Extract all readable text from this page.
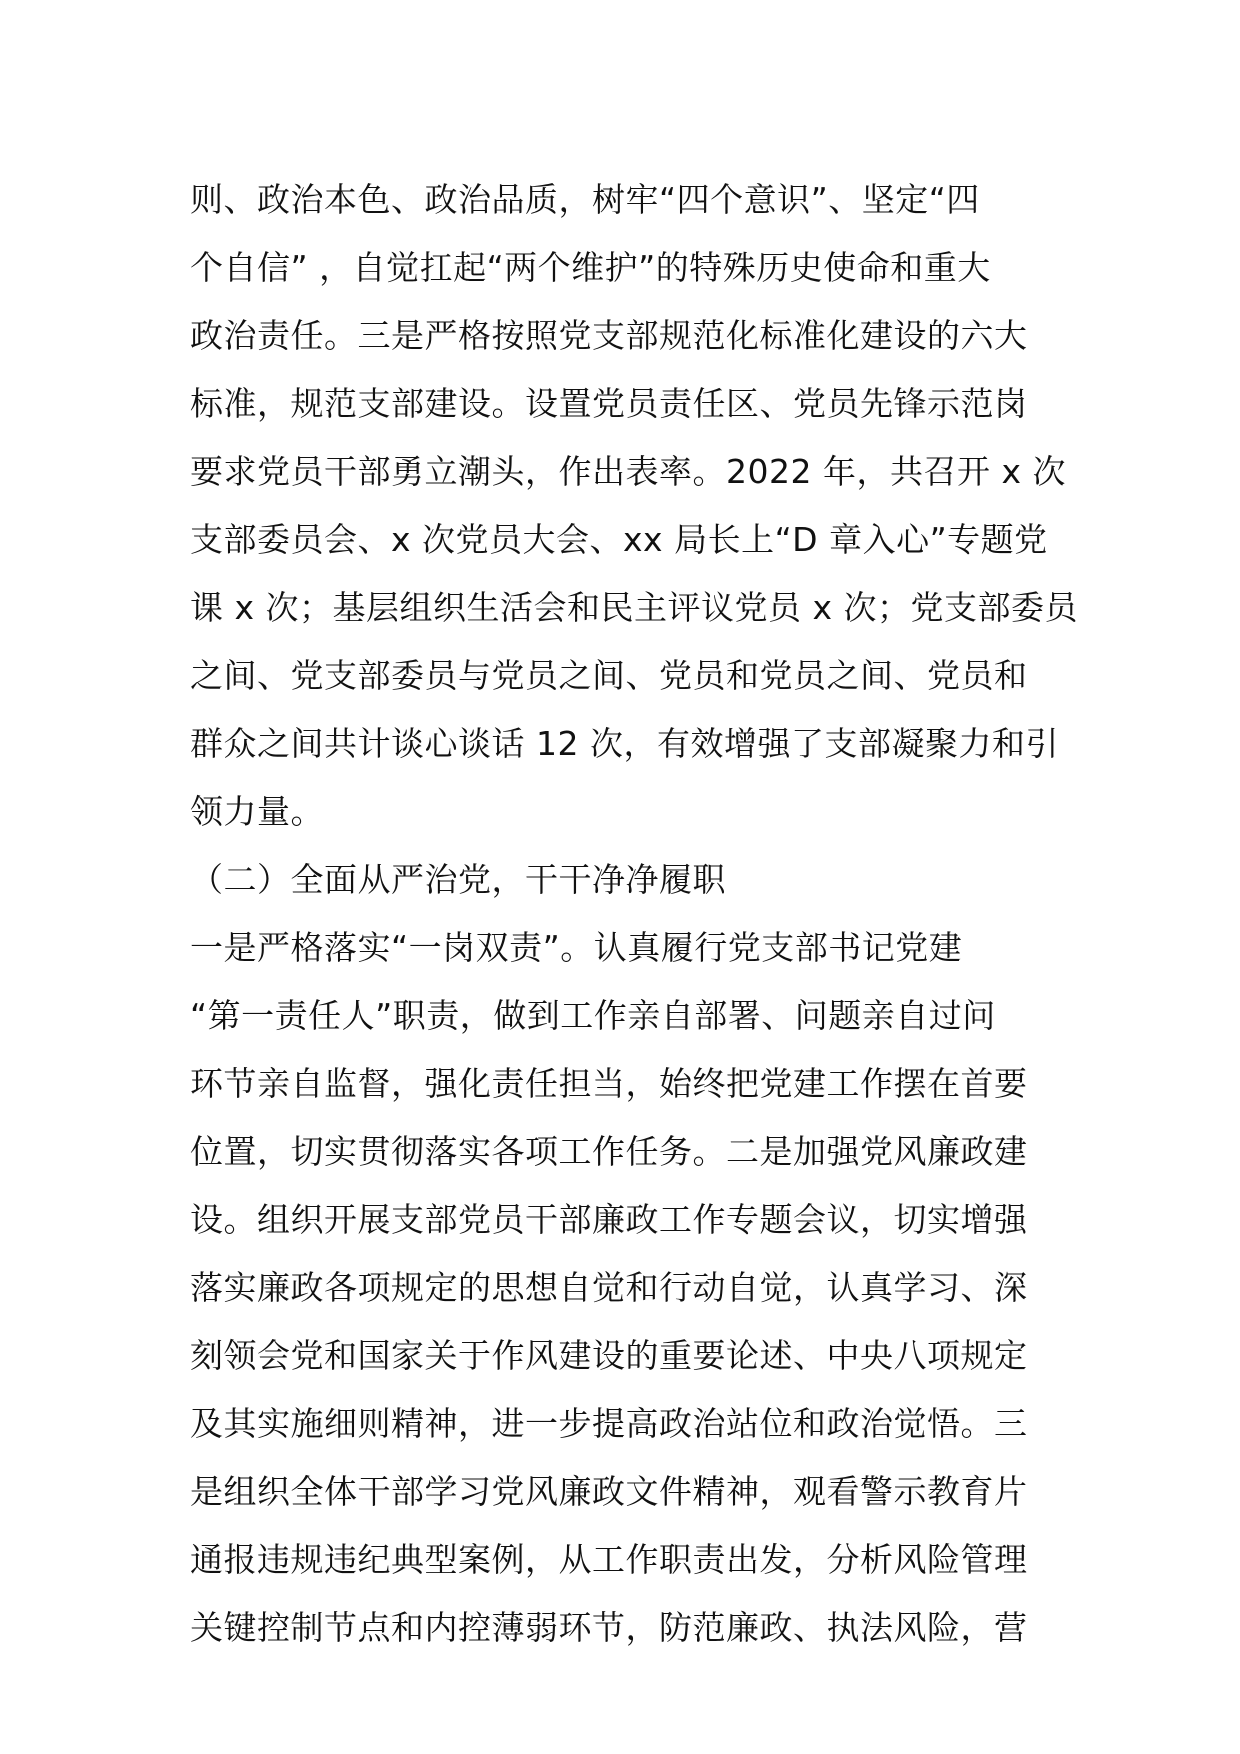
则、政治本色、政治品质，树牢“四个意识”、坚定“四
个自信” ，自觉扛起“两个维护”的特殊历史使命和重大
政治责任。三是严格按照党支部规范化标准化建设的六大
标准，规范支部建设。设置党员责任区、党员先锋示范岗
要求党员干部勇立潮头，作出表率。2022 年，共召开 x 次
支部委员会、x 次党员大会、xx 局长上“D 章入心”专题党
课 x 次；基层组织生活会和民主评议党员 x 次；党支部委员
之间、党支部委员与党员之间、党员和党员之间、党员和
群众之间共计谈心谈话 12 次，有效增强了支部凝聚力和引
领力量。
（二）全面从严治党，干干净净履职
一是严格落实“一岗双责”。认真履行党支部书记党建
“第一责任人”职责，做到工作亲自部署、问题亲自过问
环节亲自监督，强化责任担当，始终把党建工作摆在首要
位置，切实贯彻落实各项工作任务。二是加强党风廉政建
设。组织开展支部党员干部廉政工作专题会议，切实增强
落实廉政各项规定的思想自觉和行动自觉，认真学习、深
刻领会党和国家关于作风建设的重要论述、中央八项规定
及其实施细则精神，进一步提高政治站位和政治觉悟。三
是组织全体干部学习党风廉政文件精神，观看警示教育片
通报违规违纪典型案例，从工作职责出发，分析风险管理
关键控制节点和内控薄弱环节，防范廉政、执法风险，营
